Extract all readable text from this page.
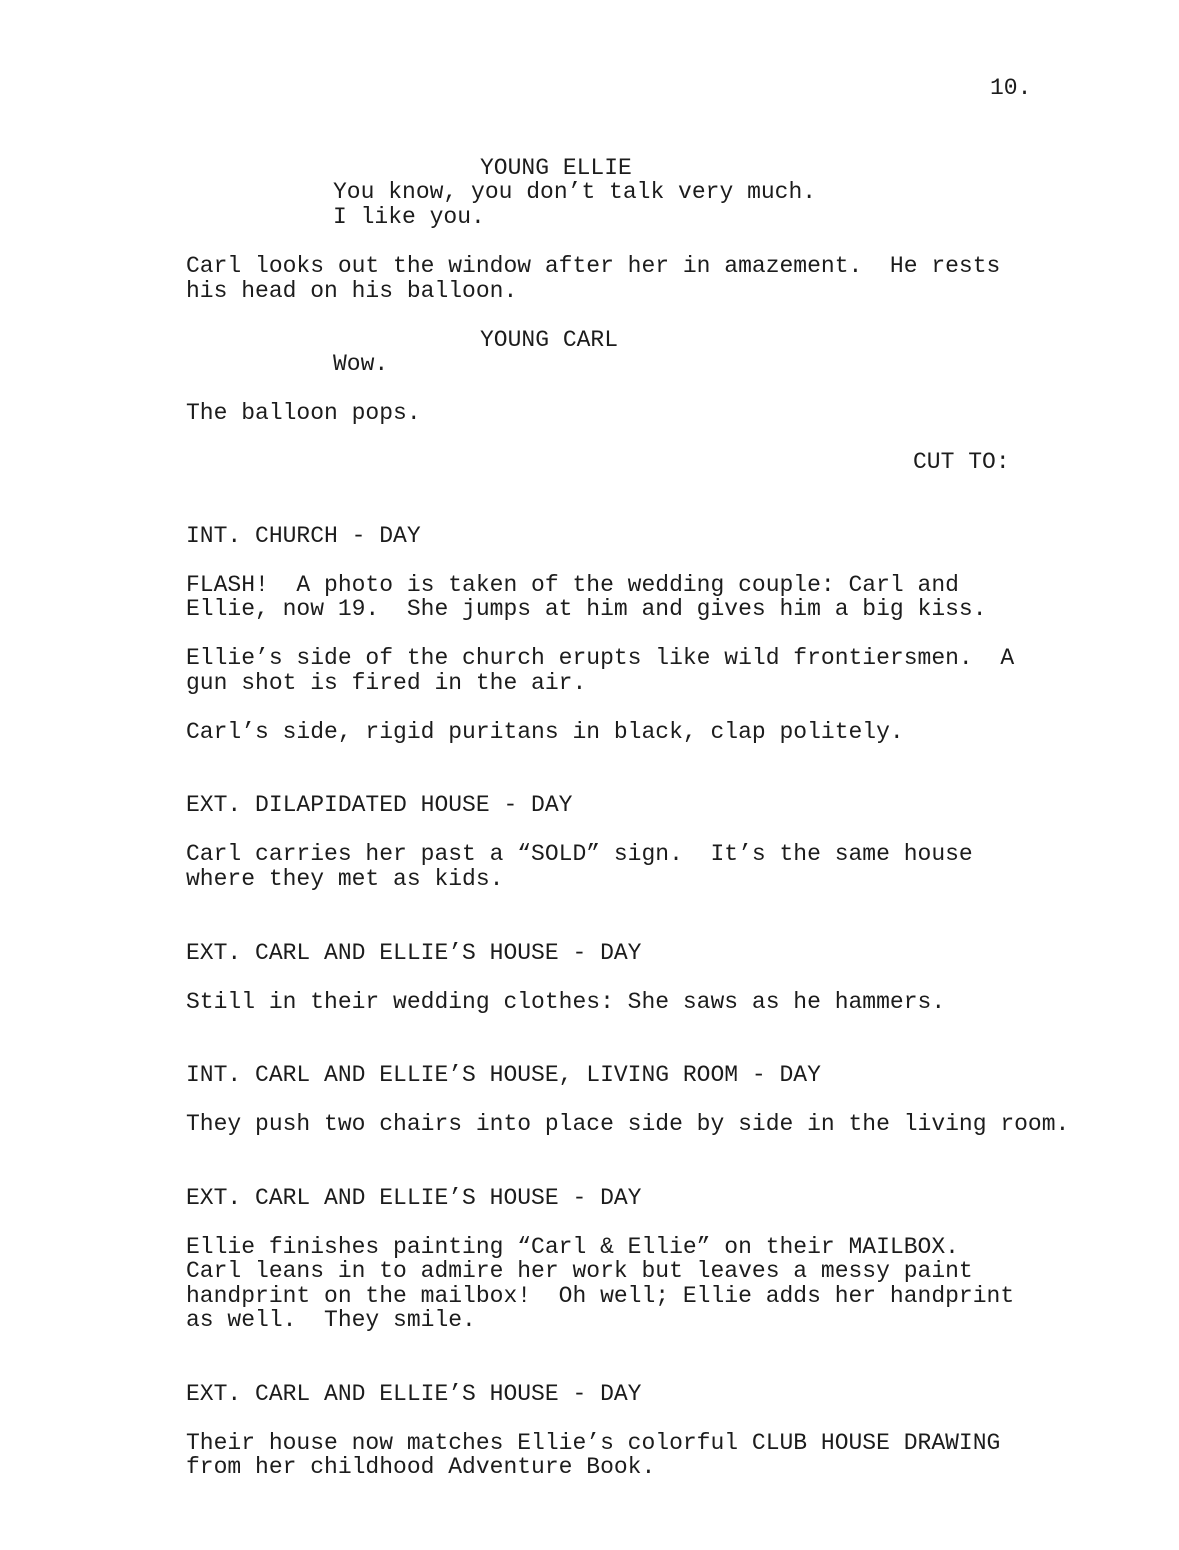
10.
YOUNG ELLIE
You know, you don’t talk very much.
I like you.
Carl looks out the window after her in amazement.  He rests
his head on his balloon.
YOUNG CARL
Wow.
The balloon pops.
CUT TO:
INT. CHURCH - DAY
FLASH!  A photo is taken of the wedding couple: Carl and
Ellie, now 19.  She jumps at him and gives him a big kiss.
Ellie’s side of the church erupts like wild frontiersmen.  A
gun shot is fired in the air.
Carl’s side, rigid puritans in black, clap politely.
EXT. DILAPIDATED HOUSE - DAY
Carl carries her past a “SOLD” sign.  It’s the same house
where they met as kids.
EXT. CARL AND ELLIE’S HOUSE - DAY
Still in their wedding clothes: She saws as he hammers.
INT. CARL AND ELLIE’S HOUSE, LIVING ROOM - DAY
They push two chairs into place side by side in the living room.
EXT. CARL AND ELLIE’S HOUSE - DAY
Ellie finishes painting “Carl & Ellie” on their MAILBOX.
Carl leans in to admire her work but leaves a messy paint
handprint on the mailbox!  Oh well; Ellie adds her handprint
as well.  They smile.
EXT. CARL AND ELLIE’S HOUSE - DAY
Their house now matches Ellie’s colorful CLUB HOUSE DRAWING
from her childhood Adventure Book.
